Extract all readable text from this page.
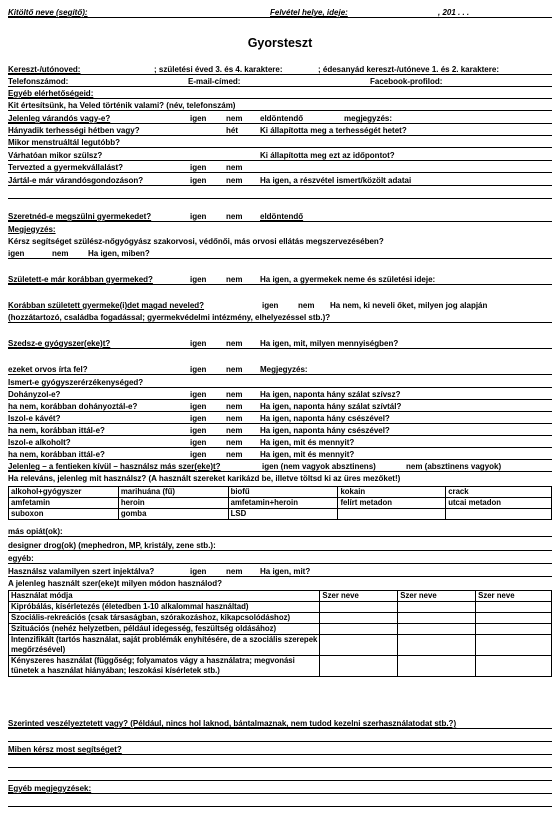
Kitöltő neve (segítő):	Felvétel helye, ideje:	, 201 . . .
Gyorsteszt
Kereszt-/utónoved:	; születési éved 3. és 4. karaktere:	; édesanyád kereszt-/utóneve 1. és 2. karaktere:
Telefonszámod:	E-mail-címed:	Facebook-profilod:
Egyéb elérhetőségeid:
Kit értesítsünk, ha Veled történik valami? (név, telefonszám)
Jelenleg várandós vagy-e?	igen nem eldöntendő	megjegyzés:
Hányadik terhességi hétben vagy?	hét	Ki állapította meg a terhességét hetet?
Mikor menstruáltál legutóbb?
Várhatóan mikor szülsz?	Ki állapította meg ezt az időpontot?
Tervezted a gyermekvállalást?	igen nem
Jártál-e már várandósgondozáson?	igen nem Ha igen, a részvétel ismert/közölt adatai
Szeretnéd-e megszülni gyermekedet?	igen nem eldöntendő
Megjegyzés:
Kérsz segítséget szülész-nőgyógyász szakorvosi, védőnői, más orvosi ellátás megszervezésében?
igen	nem Ha igen, miben?
Született-e már korábban gyermeked?	igen nem Ha igen, a gyermekek neme és születési ideje:
Korábban született gyermeke(i)det magad neveled?	igen nem Ha nem, ki neveli őket, milyen jog alapján
(hozzátartozó, családba fogadással; gyermekvédelmi intézmény, elhelyezéssel stb.)?
Szedsz-e gyógyszer(eke)t?	igen nem Ha igen, mit, milyen mennyiségben?
ezeket orvos írta fel?	igen nem Megjegyzés:
Ismert-e gyógyszerérzékenységed?
Dohányzol-e?	igen nem Ha igen, naponta hány szálat szívsz?
ha nem, korábban dohányoztál-e?	igen nem Ha igen, naponta hány szálat szívtál?
Iszol-e kávét?	igen nem Ha igen, naponta hány csészével?
ha nem, korábban ittál-e?	igen nem Ha igen, naponta hány csészével?
Iszol-e alkoholt?	igen nem Ha igen, mit és mennyit?
ha nem, korábban ittál-e?	igen nem Ha igen, mit és mennyit?
Jelenleg – a fentieken kívül – használsz más szer(eke)t?	igen (nem vagyok absztinens)	nem (absztinens vagyok)
Ha releváns, jelenleg mit használsz? (A használt szereket karikázd be, illetve töltsd ki az üres mezőket!)
alkohol+gyógyszer	marihuána (fű)	biofű	kokain	crack
amfetamin	heroin	amfetamin+heroin	felírt metadon	utcai metadon
suboxon	gomba	LSD		
más opiát(ok):
designer drog(ok) (mephedron, MP, kristály, zene stb.):
egyéb:
Használsz valamilyen szert injektálva?	igen nem Ha igen, mit?
A jelenleg használt szer(eke)t milyen módon használod?
Használat módja	Szer neve	Szer neve	Szer neve
Kipróbálás, kísérletezés (életedben 1-10 alkalommal használtad)			
Szociális-rekreációs (csak társaságban, szórakozáshoz, kikapcsolódáshoz)			
Szituációs (nehéz helyzetben, például idegesség, feszültség oldásához)			
Intenzifikált (tartós használat, saját problémák enyhítésére, de a szociális szerepek megőrzésével)			
Kényszeres használat (függőség; folyamatos vágy a használatra; megvonási tünetek a használat hiányában; leszokási kísérletek stb.)			
Szerinted veszélyeztetett vagy? (Például, nincs hol laknod, bántalmaznak, nem tudod kezelni szerhasználatodat stb.?)
Miben kérsz most segítséget?
Egyéb megjegyzések:
